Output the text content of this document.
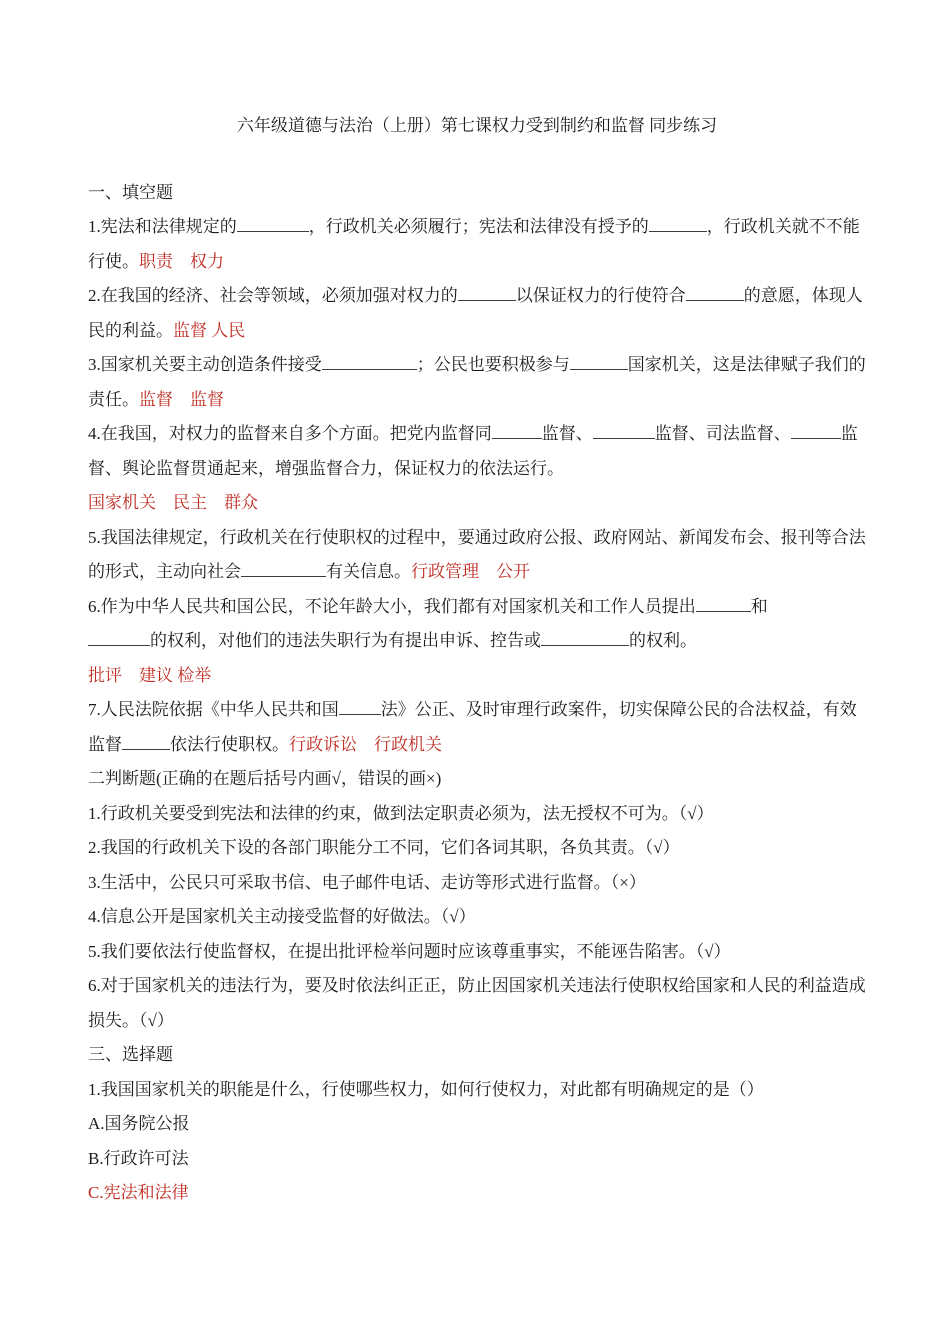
六年级道德与法治（上册）第七课权力受到制约和监督 同步练习

一、填空题

1.宪法和法律规定的	，行政机关必须履行；宪法和法律没有授予的	，行政机关就不不能行使。职责　权力

2.在我国的经济、社会等领域，必须加强对权力的	以保证权力的行使符合	的意愿，体现人民的利益。监督 人民

3.国家机关要主动创造条件接受	；公民也要积极参与	国家机关，这是法律赋子我们的责任。监督　监督

4.在我国，对权力的监督来自多个方面。把党内监督同	监督、	监督、司法监督、	监督、舆论监督贯通起来，增强监督合力，保证权力的依法运行。

国家机关　民主　群众

5.我国法律规定，行政机关在行使职权的过程中，要通过政府公报、政府网站、新闻发布会、报刊等合法的形式，主动向社会	有关信息。行政管理　公开

6.作为中华人民共和国公民，不论年龄大小，我们都有对国家机关和工作人员提出	和

的权利，对他们的违法失职行为有提出申诉、控告或	的权利。

批评　建议 检举

7.人民法院依据《中华人民共和国 法》公正、及时审理行政案件，切实保障公民的合法权益，有效监督	依法行使职权。行政诉讼　行政机关

二判断题(正确的在题后括号内画√，错误的画×)

1.行政机关要受到宪法和法律的约束，做到法定职责必须为，法无授权不可为。（√）

2.我国的行政机关下设的各部门职能分工不同，它们各词其职，各负其责。（√）

3.生活中，公民只可采取书信、电子邮件电话、走访等形式进行监督。（×）

4.信息公开是国家机关主动接受监督的好做法。（√）

5.我们要依法行使监督权，在提出批评检举问题时应该尊重事实，不能诬告陷害。（√）

6.对于国家机关的违法行为，要及时依法纠正正，防止因国家机关违法行使职权给国家和人民的利益造成损失。（√）

三、选择题

1.我国国家机关的职能是什么，行使哪些权力，如何行使权力，对此都有明确规定的是（）

A.国务院公报

B.行政许可法

C.宪法和法律
